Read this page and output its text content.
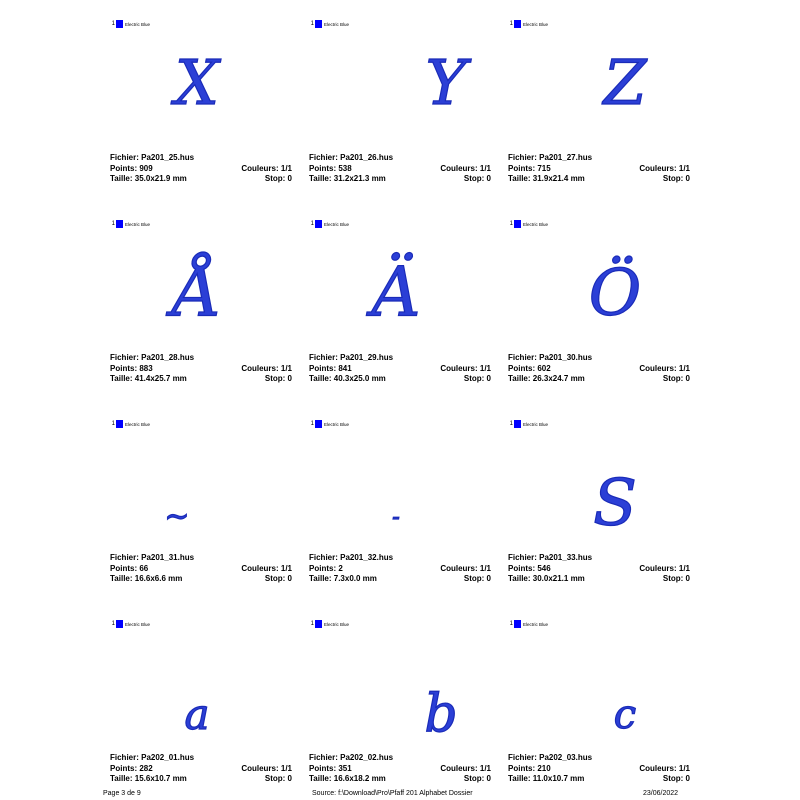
1 Electric Blue
X
Fichier: Pa201_25.hus
Points: 909	Couleurs: 1/1
Taille: 35.0x21.9 mm	Stop: 0
1 Electric Blue
Y
Fichier: Pa201_26.hus
Points: 538	Couleurs: 1/1
Taille: 31.2x21.3 mm	Stop: 0
1 Electric Blue
Z
Fichier: Pa201_27.hus
Points: 715	Couleurs: 1/1
Taille: 31.9x21.4 mm	Stop: 0
1 Electric Blue
Å
Fichier: Pa201_28.hus
Points: 883	Couleurs: 1/1
Taille: 41.4x25.7 mm	Stop: 0
1 Electric Blue
Ä
Fichier: Pa201_29.hus
Points: 841	Couleurs: 1/1
Taille: 40.3x25.0 mm	Stop: 0
1 Electric Blue
Ö
Fichier: Pa201_30.hus
Points: 602	Couleurs: 1/1
Taille: 26.3x24.7 mm	Stop: 0
1 Electric Blue
~
Fichier: Pa201_31.hus
Points: 66	Couleurs: 1/1
Taille: 16.6x6.6 mm	Stop: 0
1 Electric Blue
-
Fichier: Pa201_32.hus
Points: 2	Couleurs: 1/1
Taille: 7.3x0.0 mm	Stop: 0
1 Electric Blue
S
Fichier: Pa201_33.hus
Points: 546	Couleurs: 1/1
Taille: 30.0x21.1 mm	Stop: 0
1 Electric Blue
a
Fichier: Pa202_01.hus
Points: 282	Couleurs: 1/1
Taille: 15.6x10.7 mm	Stop: 0
1 Electric Blue
b
Fichier: Pa202_02.hus
Points: 351	Couleurs: 1/1
Taille: 16.6x18.2 mm	Stop: 0
1 Electric Blue
c
Fichier: Pa202_03.hus
Points: 210	Couleurs: 1/1
Taille: 11.0x10.7 mm	Stop: 0
Page 3 de 9	Source: f:\Download\Pro\Pfaff 201 Alphabet Dossier	23/06/2022
